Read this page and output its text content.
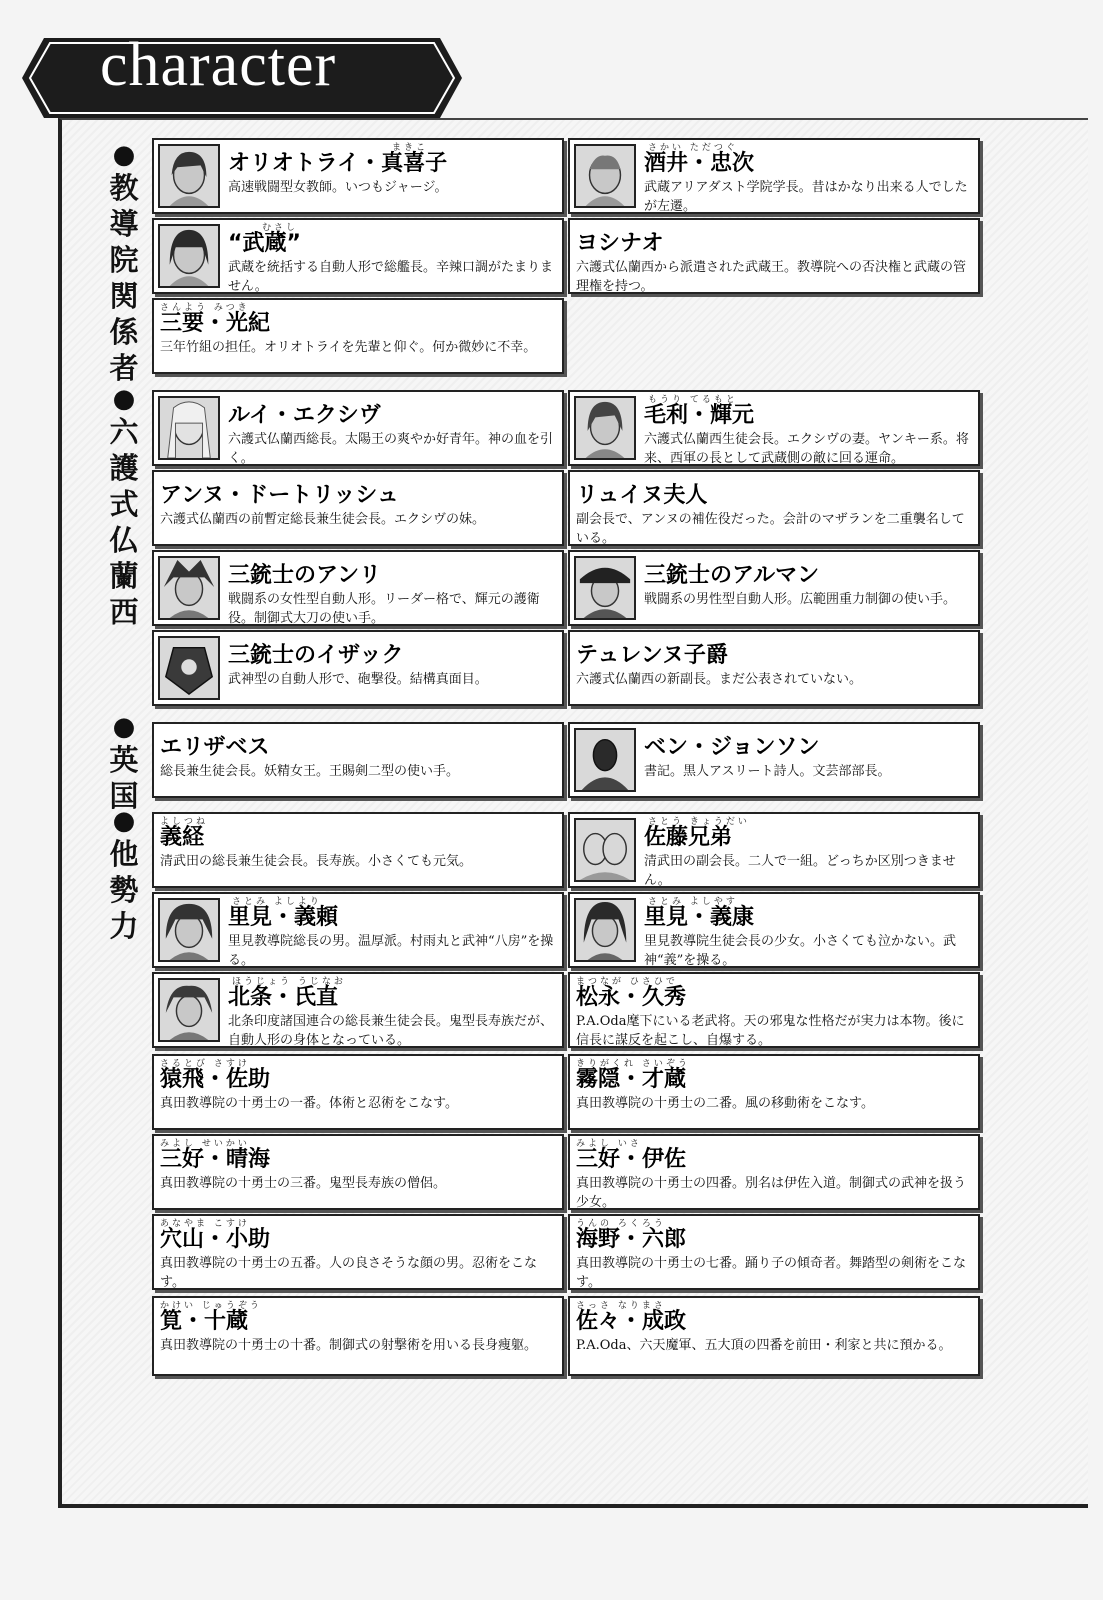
character
●
教
導
院
関
係
者
●
六
護
式
仏
蘭
西
●
英
国
●
他
勢
力
まきこ
オリオトライ・真喜子
高速戦闘型女教師。いつもジャージ。
さかい ただつぐ
酒井・忠次
武蔵アリアダスト学院学長。昔はかなり出来る人でしたが左遷。
むさし
“武蔵”
武蔵を統括する自動人形で総艦長。辛辣口調がたまりません。
ヨシナオ
六護式仏蘭西から派遣された武蔵王。教導院への否決権と武蔵の管理権を持つ。
さんよう みつき
三要・光紀
三年竹組の担任。オリオトライを先輩と仰ぐ。何か微妙に不幸。
ルイ・エクシヴ
六護式仏蘭西総長。太陽王の爽やか好青年。神の血を引く。
もうり てるもと
毛利・輝元
六護式仏蘭西生徒会長。エクシヴの妻。ヤンキー系。将来、西軍の長として武蔵側の敵に回る運命。
アンヌ・ドートリッシュ
六護式仏蘭西の前暫定総長兼生徒会長。エクシヴの妹。
リュイヌ夫人
副会長で、アンヌの補佐役だった。会計のマザランを二重襲名している。
三銃士のアンリ
戦闘系の女性型自動人形。リーダー格で、輝元の護衛役。制御式大刀の使い手。
三銃士のアルマン
戦闘系の男性型自動人形。広範囲重力制御の使い手。
三銃士のイザック
武神型の自動人形で、砲撃役。結構真面目。
テュレンヌ子爵
六護式仏蘭西の新副長。まだ公表されていない。
エリザベス
総長兼生徒会長。妖精女王。王賜剣二型の使い手。
ベン・ジョンソン
書記。黒人アスリート詩人。文芸部部長。
よしつね
義経
清武田の総長兼生徒会長。長寿族。小さくても元気。
さとう きょうだい
佐藤兄弟
清武田の副会長。二人で一組。どっちか区別つきません。
さとみ よしより
里見・義頼
里見教導院総長の男。温厚派。村雨丸と武神“八房”を操る。
さとみ よしやす
里見・義康
里見教導院生徒会長の少女。小さくても泣かない。武神“義”を操る。
ほうじょう うじなお
北条・氏直
北条印度諸国連合の総長兼生徒会長。鬼型長寿族だが、自動人形の身体となっている。
まつなが ひさひで
松永・久秀
P.A.Oda麾下にいる老武将。天の邪鬼な性格だが実力は本物。後に信長に謀反を起こし、自爆する。
さるとび さすけ
猿飛・佐助
真田教導院の十勇士の一番。体術と忍術をこなす。
きりがくれ さいぞう
霧隠・才蔵
真田教導院の十勇士の二番。風の移動術をこなす。
みよし せいかい
三好・晴海
真田教導院の十勇士の三番。鬼型長寿族の僧侶。
みよし いさ
三好・伊佐
真田教導院の十勇士の四番。別名は伊佐入道。制御式の武神を扱う少女。
あなやま こすけ
穴山・小助
真田教導院の十勇士の五番。人の良さそうな顔の男。忍術をこなす。
うんの ろくろう
海野・六郎
真田教導院の十勇士の七番。踊り子の傾奇者。舞踏型の剣術をこなす。
かけい じゅうぞう
筧・十蔵
真田教導院の十勇士の十番。制御式の射撃術を用いる長身痩躯。
さっさ なりまさ
佐々・成政
P.A.Oda、六天魔軍、五大頂の四番を前田・利家と共に預かる。
